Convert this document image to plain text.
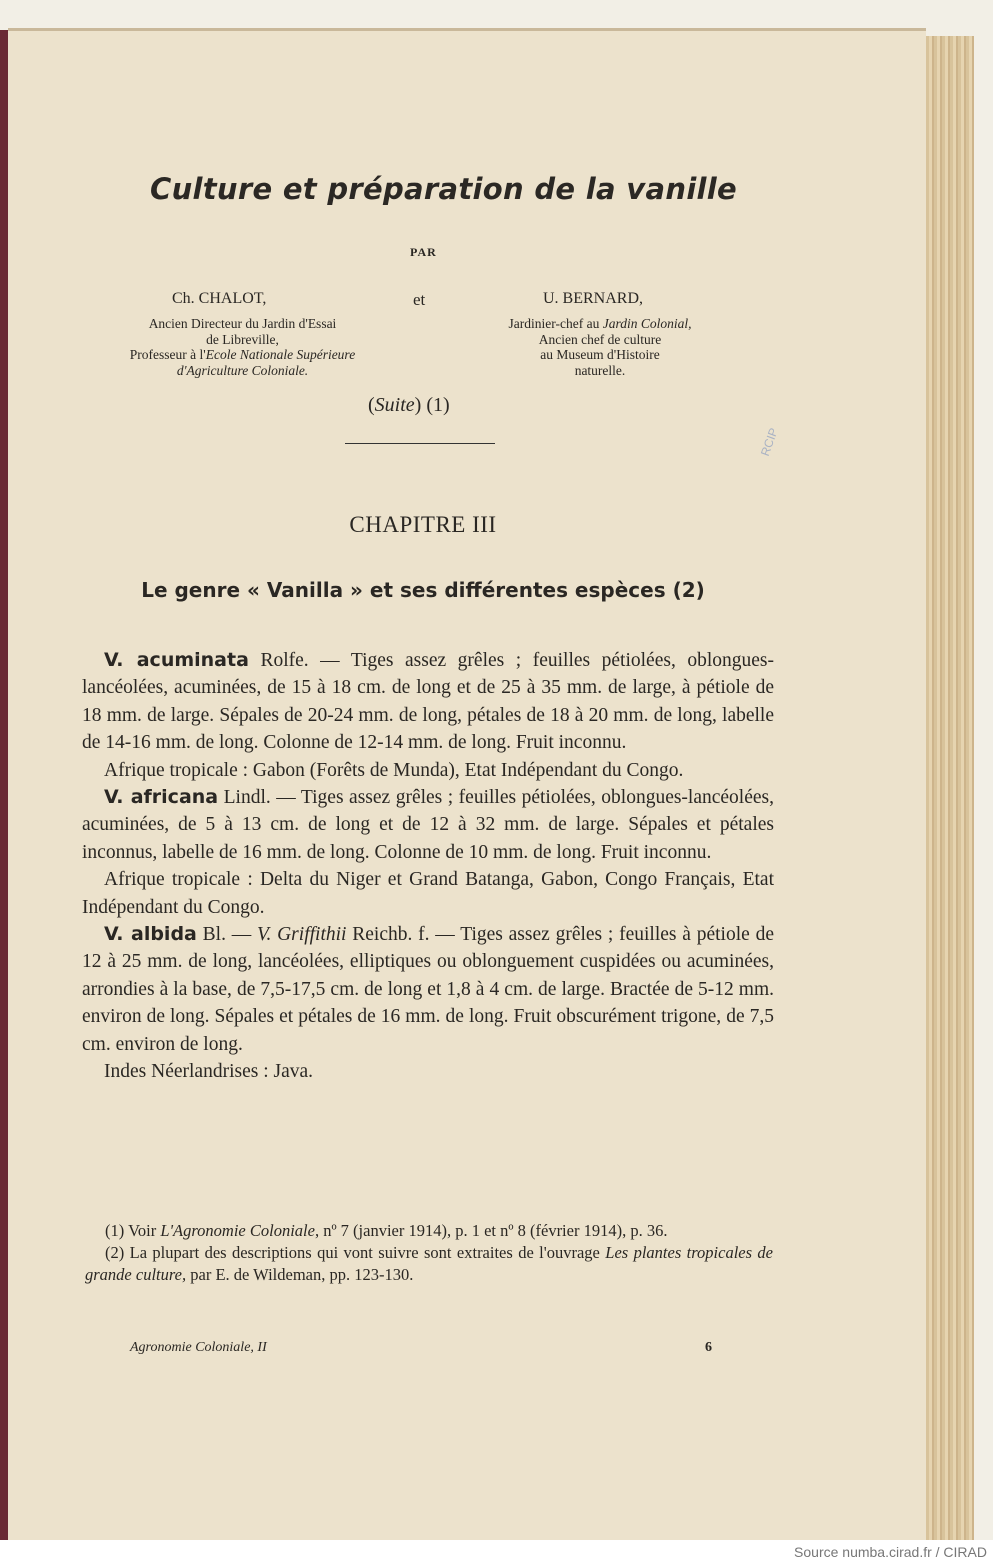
Culture et préparation de la vanille
PAR
Ch. CHALOT,	et	U. BERNARD,
Ancien Directeur du Jardin d'Essai
de Libreville,
Professeur à l'Ecole Nationale Supérieure
d'Agriculture Coloniale.
Jardinier-chef au Jardin Colonial,
Ancien chef de culture
au Museum d'Histoire
naturelle.
(Suite) (1)
RCIP
CHAPITRE III
Le genre « Vanilla » et ses différentes espèces (2)

V. acuminata Rolfe. — Tiges assez grêles ; feuilles pétiolées, oblongues-lancéolées, acuminées, de 15 à 18 cm. de long et de 25 à 35 mm. de large, à pétiole de 18 mm. de large. Sépales de 20-24 mm. de long, pétales de 18 à 20 mm. de long, labelle de 14-16 mm. de long. Colonne de 12-14 mm. de long. Fruit inconnu.

Afrique tropicale : Gabon (Forêts de Munda), Etat Indépendant du Congo.

V. africana Lindl. — Tiges assez grêles ; feuilles pétiolées, oblongues-lancéolées, acuminées, de 5 à 13 cm. de long et de 12 à 32 mm. de large. Sépales et pétales inconnus, labelle de 16 mm. de long. Colonne de 10 mm. de long. Fruit inconnu.

Afrique tropicale : Delta du Niger et Grand Batanga, Gabon, Congo Français, Etat Indépendant du Congo.

V. albida Bl. — V. Griffithii Reichb. f. — Tiges assez grêles ; feuilles à pétiole de 12 à 25 mm. de long, lancéolées, elliptiques ou oblonguement cuspidées ou acuminées, arrondies à la base, de 7,5-17,5 cm. de long et 1,8 à 4 cm. de large. Bractée de 5-12 mm. environ de long. Sépales et pétales de 16 mm. de long. Fruit obscurément trigone, de 7,5 cm. environ de long.

Indes Néerlandrises : Java.

(1) Voir L'Agronomie Coloniale, nº 7 (janvier 1914), p. 1 et nº 8 (février 1914), p. 36.

(2) La plupart des descriptions qui vont suivre sont extraites de l'ouvrage Les plantes tropicales de grande culture, par E. de Wildeman, pp. 123-130.

Agronomie Coloniale, II	6
Source numba.cirad.fr / CIRAD
